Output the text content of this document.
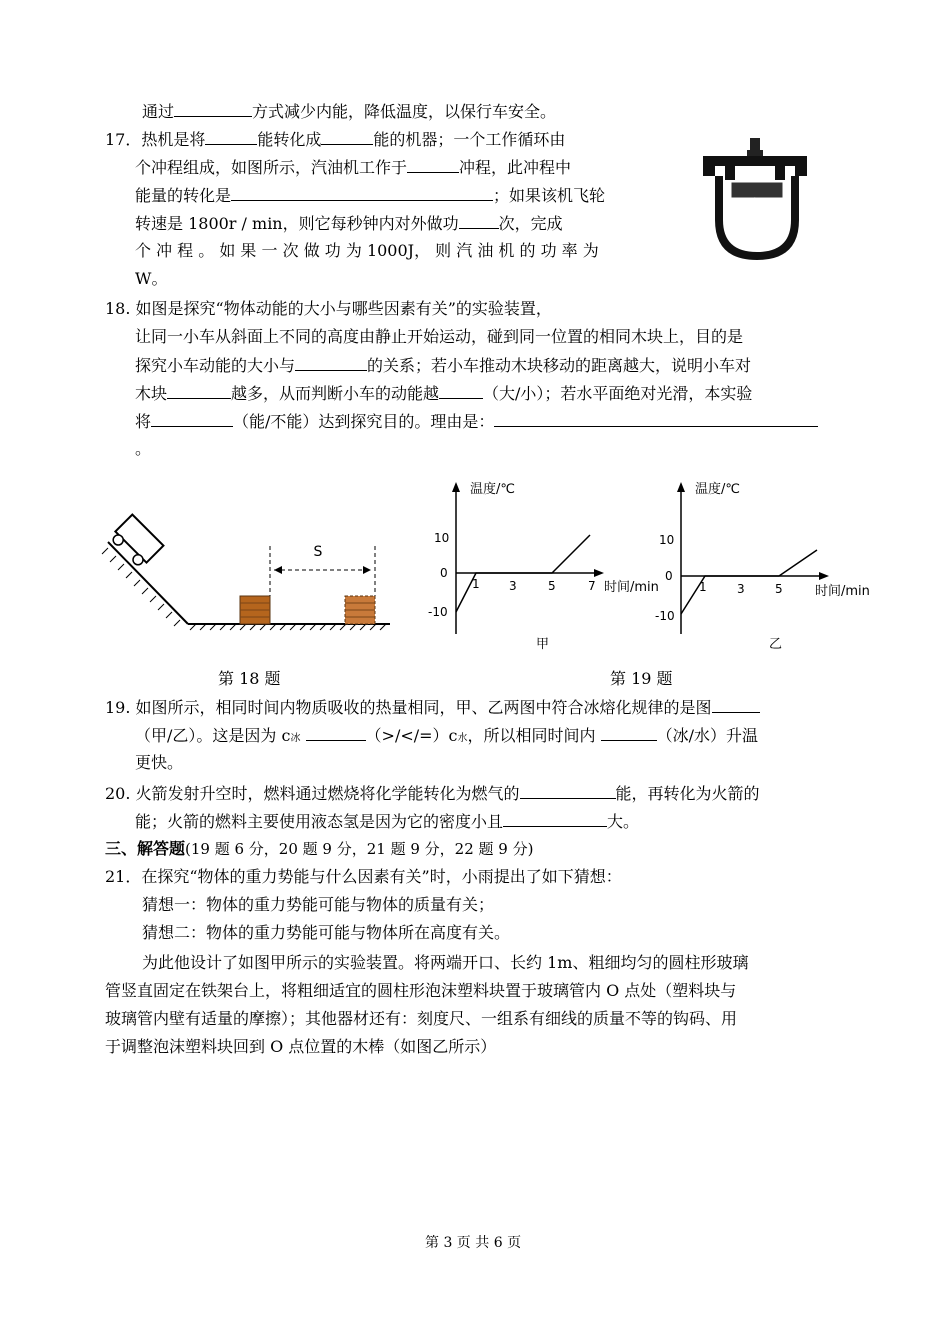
通过	方式减少内能，降低温度，以保行车安全。
17．热机是将	能转化成	能的机器；一个工作循环由
个冲程组成，如图所示，汽油机工作于	冲程，此冲程中
能量的转化是	；如果该机飞轮
转速是 1800r / min，则它每秒钟内对外做功	次，完成
个 冲 程 。 如 果 一 次 做 功 为 1000J， 则 汽 油 机 的 功 率 为
W。
18. 如图是探究“物体动能的大小与哪些因素有关”的实验装置，
让同一小车从斜面上不同的高度由静止开始运动，碰到同一位置的相同木块上，目的是
探究小车动能的大小与	的关系；若小车推动木块移动的距离越大，说明小车对
木块	越多，从而判断小车的动能越	（大/小）；若水平面绝对光滑，本实验
将	（能/不能）达到探究目的。理由是：
。
S
温度/℃
时间/min
10
0
-10
1 3	5	7
甲
温度/℃
时间/min
10
0
-10
1	3	5
乙
第 18 题	第 19 题
19. 如图所示，相同时间内物质吸收的热量相同，甲、乙两图中符合冰熔化规律的是图
（甲/乙）。这是因为 c冰	（>/</=）c水，所以相同时间内	（冰/水）升温
更快。
20. 火箭发射升空时，燃料通过燃烧将化学能转化为燃气的	能，再转化为火箭的
能；火箭的燃料主要使用液态氢是因为它的密度小且	大。
三、解答题(19 题 6 分，20 题 9 分，21 题 9 分，22 题 9 分)
21．在探究“物体的重力势能与什么因素有关”时，小雨提出了如下猜想：
猜想一：物体的重力势能可能与物体的质量有关；
猜想二：物体的重力势能可能与物体所在高度有关。
为此他设计了如图甲所示的实验装置。将两端开口、长约 1m、粗细均匀的圆柱形玻璃
管竖直固定在铁架台上，将粗细适宜的圆柱形泡沫塑料块置于玻璃管内 O 点处（塑料块与
玻璃管内壁有适量的摩擦）；其他器材还有：刻度尺、一组系有细线的质量不等的钩码、用
于调整泡沫塑料块回到 O 点位置的木棒（如图乙所示）
第 3 页 共 6 页
